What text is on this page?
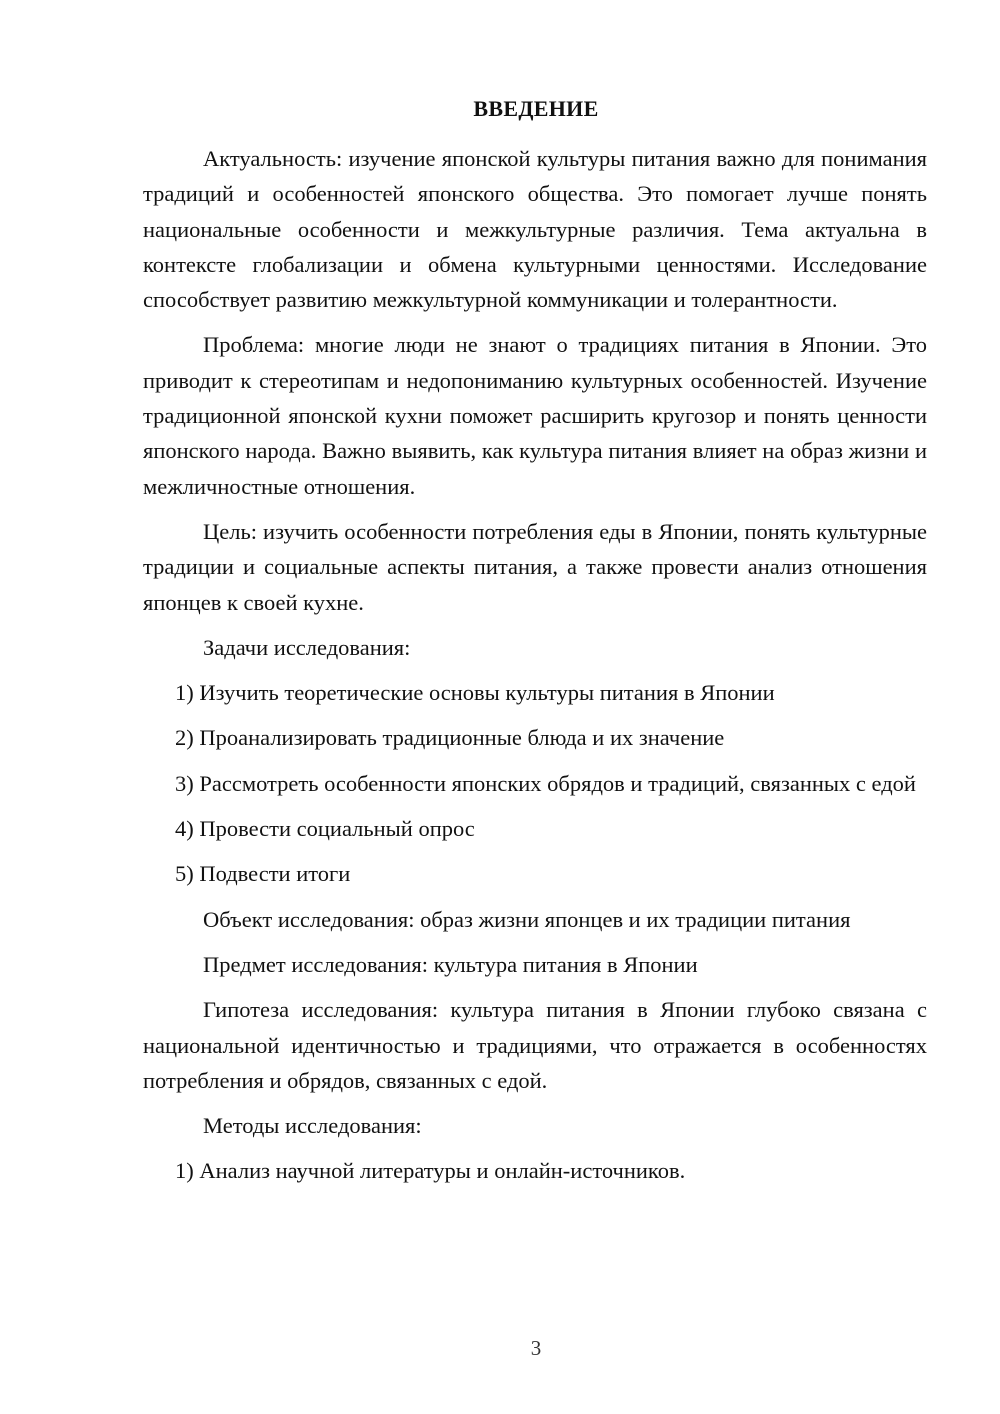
ВВЕДЕНИЕ

Актуальность: изучение японской культуры питания важно для понимания традиций и особенностей японского общества. Это помогает лучше понять национальные особенности и межкультурные различия. Тема актуальна в контексте глобализации и обмена культурными ценностями. Исследование способствует развитию межкультурной коммуникации и толерантности.

Проблема: многие люди не знают о традициях питания в Японии. Это приводит к стереотипам и недопониманию культурных особенностей. Изучение традиционной японской кухни поможет расширить кругозор и понять ценности японского народа. Важно выявить, как культура питания влияет на образ жизни и межличностные отношения.

Цель: изучить особенности потребления еды в Японии, понять культурные традиции и социальные аспекты питания, а также провести анализ отношения японцев к своей кухне.

Задачи исследования:

1) Изучить теоретические основы культуры питания в Японии

2) Проанализировать традиционные блюда и их значение

3) Рассмотреть особенности японских обрядов и традиций, связанных с едой

4) Провести социальный опрос

5) Подвести итоги

Объект исследования: образ жизни японцев и их традиции питания

Предмет исследования: культура питания в Японии

Гипотеза исследования: культура питания в Японии глубоко связана с национальной идентичностью и традициями, что отражается в особенностях потребления и обрядов, связанных с едой.

Методы исследования:

1) Анализ научной литературы и онлайн-источников.

3
